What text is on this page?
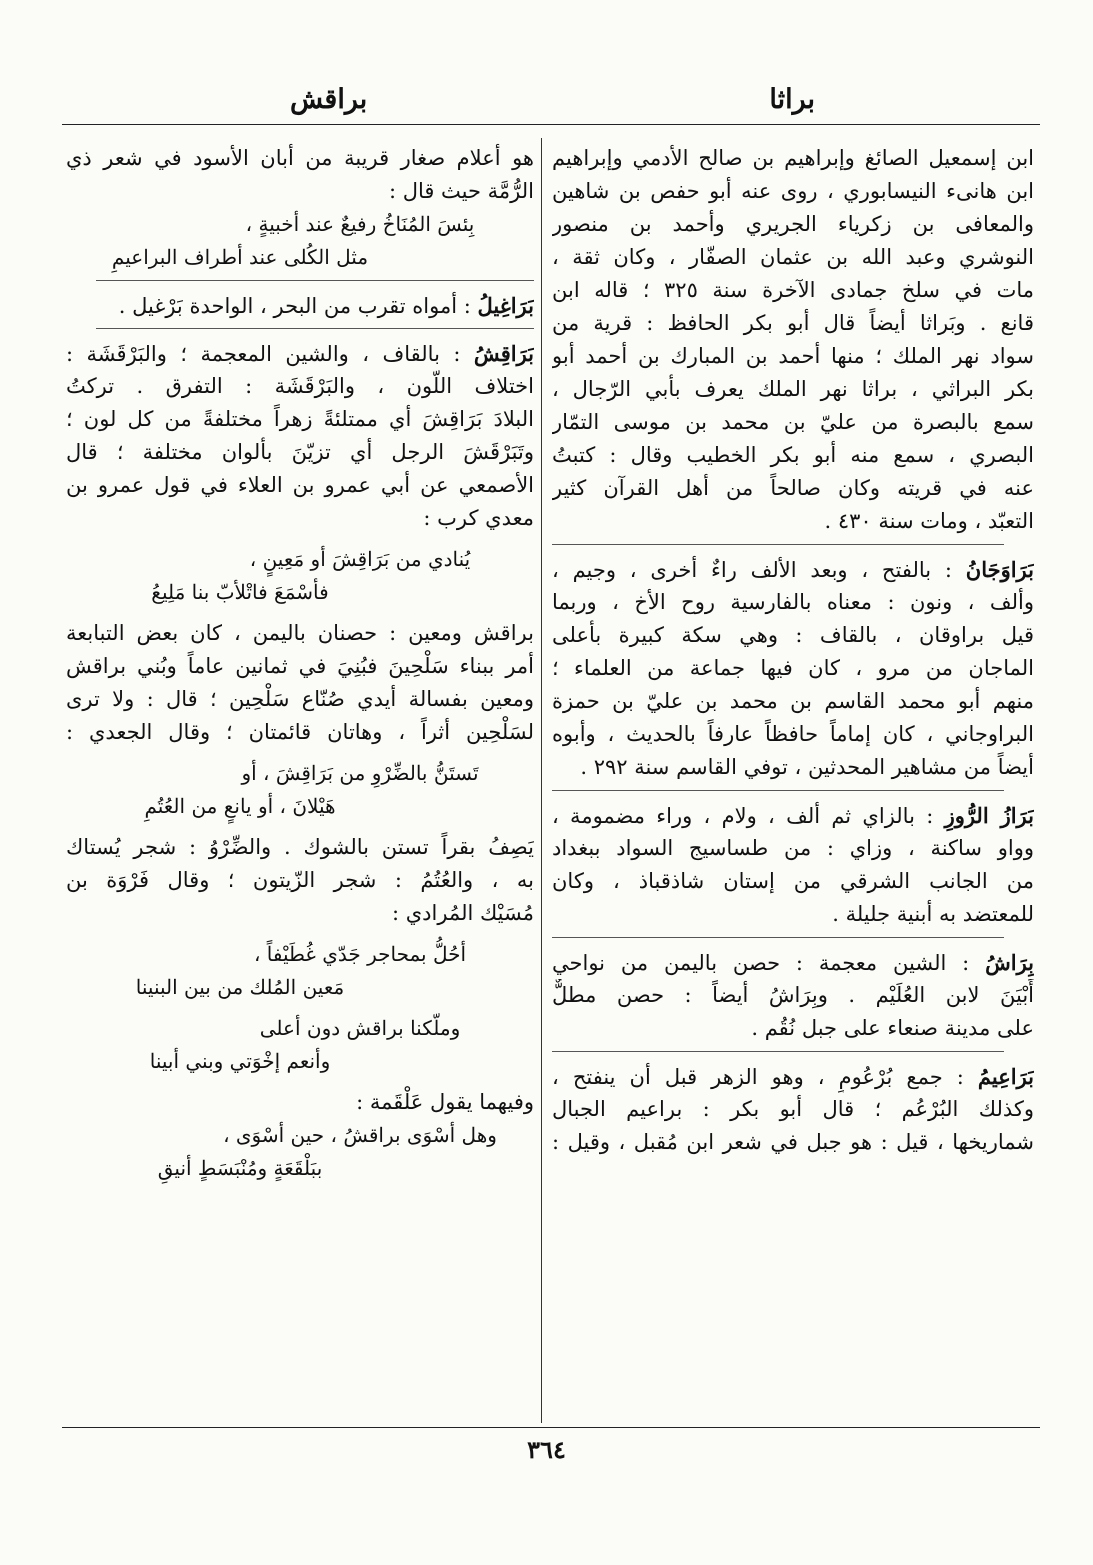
براثا
براقش
ابن إسمعيل الصائغ وإبراهيم بن صالح الأدمي وإبراهيم
ابن هانىء النيسابوري ، روى عنه أبو حفص بن شاهين
والمعافى بن زكرياء الجريري وأحمد بن منصور
النوشري وعبد الله بن عثمان الصفّار ، وكان ثقة ،
مات في سلخ جمادى الآخرة سنة ٣٢٥ ؛ قاله ابن
قانع . وبَراثا أيضاً قال أبو بكر الحافظ : قرية من
سواد نهر الملك ؛ منها أحمد بن المبارك بن أحمد أبو
بكر البراثي ، براثا نهر الملك يعرف بأبي الرّجال ،
سمع بالبصرة من عليّ بن محمد بن موسى التمّار
البصري ، سمع منه أبو بكر الخطيب وقال : كتبتُ
عنه في قريته وكان صالحاً من أهل القرآن كثير
التعبّد ، ومات سنة ٤٣٠ .
بَرَاوَجَانُ : بالفتح ، وبعد الألف راءٌ أخرى ، وجيم ،
وألف ، ونون : معناه بالفارسية روح الأخ ، وربما
قيل براوقان ، بالقاف : وهي سكة كبيرة بأعلى
الماجان من مرو ، كان فيها جماعة من العلماء ؛
منهم أبو محمد القاسم بن محمد بن عليّ بن حمزة
البراوجاني ، كان إماماً حافظاً عارفاً بالحديث ، وأبوه
أيضاً من مشاهير المحدثين ، توفي القاسم سنة ٢٩٢ .
بَرَازُ الرُّوزِ : بالزاي ثم ألف ، ولام ، وراء مضمومة ،
وواو ساكنة ، وزاي : من طساسيج السواد ببغداد
من الجانب الشرقي من إستان شاذقباذ ، وكان
للمعتضد به أبنية جليلة .
بِرَاشُ : الشين معجمة : حصن باليمن من نواحي
أَبْيَنَ لابن العُلَيْم . وبِرَاشُ أيضاً : حصن مطلٌّ
على مدينة صنعاء على جبل نُقُم .
بَرَاعِيمُ : جمع بُرْعُومٍ ، وهو الزهر قبل أن ينفتح ،
وكذلك البُرْعُم ؛ قال أبو بكر : براعيم الجبال
شماريخها ، قيل : هو جبل في شعر ابن مُقبل ، وقيل :
هو أعلام صغار قريبة من أبان الأسود في شعر ذي
الرُّمَّة حيث قال :
بِئسَ المُنَاخُ رفيعٌ عند أخبيةٍ ،
مثل الكُلى عند أطراف البراعيمِ
بَرَاغِيلُ : أمواه تقرب من البحر ، الواحدة بَرْغيل .
بَرَاقِشُ : بالقاف ، والشين المعجمة ؛ والبَرْقَشَة :
اختلاف اللّون ، والبَرْقَشَة : التفرق . تركتُ
البلادَ بَرَاقِشَ أي ممتلئةً زهراً مختلفةً من كل لون ؛
وتَبَرْقَشَ الرجل أي تزيّنَ بألوان مختلفة ؛ قال
الأصمعي عن أبي عمرو بن العلاء في قول عمرو بن
معدي كرب :
يُنادي من بَرَاقِشَ أو مَعِينٍ ،
فأسْمَعَ فاتْلأبّ بنا مَلِيعُ
براقش ومعين : حصنان باليمن ، كان بعض التبابعة
أمر ببناء سَلْحِينَ فبُنِيَ في ثمانين عاماً وبُني براقش
ومعين بفسالة أيدي صُنّاع سَلْحِين ؛ قال : ولا ترى
لسَلْحِين أثراً ، وهاتان قائمتان ؛ وقال الجعدي :
تَستَنُّ بالضِّرْوِ من بَرَاقِشَ ، أو
هَيْلانَ ، أو يانعٍ من العُتُمِ
يَصِفُ بقراً تستن بالشوك . والضِّرْوُ : شجر يُستاك
به ، والعُتُمُ : شجر الزّيتون ؛ وقال فَرْوَة بن
مُسَيْك المُرادي :
أحُلُّ بمحاجر جَدّي غُطَيْفاً ،
مَعين المُلك من بين البنينا
وملّكنا براقش دون أعلى
وأنعم إخْوَتي وبني أبينا
وفيهما يقول عَلْقَمة :
وهل أسْوَى براقشُ ، حين أسْوَى ،
ببَلْقَعَةٍ ومُنْبَسَطٍ أنيقِ
٣٦٤
